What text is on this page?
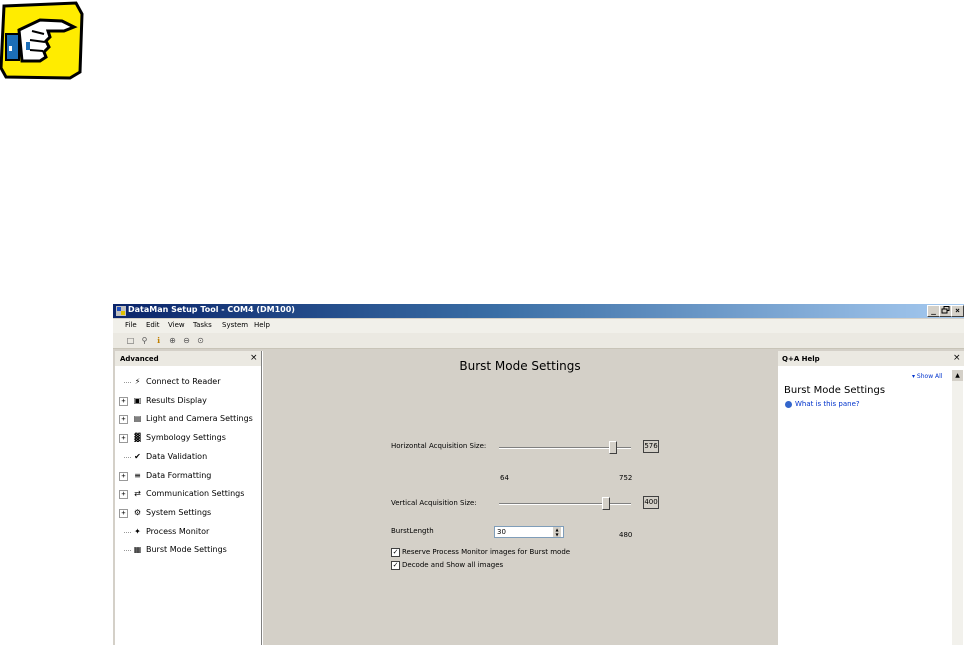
DataMan Setup Tool - COM4 (DM100)	_	×
File Edit View Tasks System Help
□ ⚲	ℹ	⊕ ⊖ ⊙
Advanced	×
⚡ Connect to Reader
+ ▣ Results Display
+ ▤ Light and Camera Settings
+	▓ Symbology Settings
✔ Data Validation
+ ≡ Data Formatting
+ ⇄ Communication Settings
+ ⚙ System Settings
✦ Process Monitor
▦ Burst Mode Settings
Burst Mode Settings
Horizontal Acquisition Size:	576
64	752
Vertical Acquisition Size:	400
480
✓ Reserve Process Monitor images for Burst mode
✓ Decode and Show all images
BurstLength
30	▲
▼
Q+A Help	×
▾ Show All
Burst Mode Settings
What is this pane?
▲
